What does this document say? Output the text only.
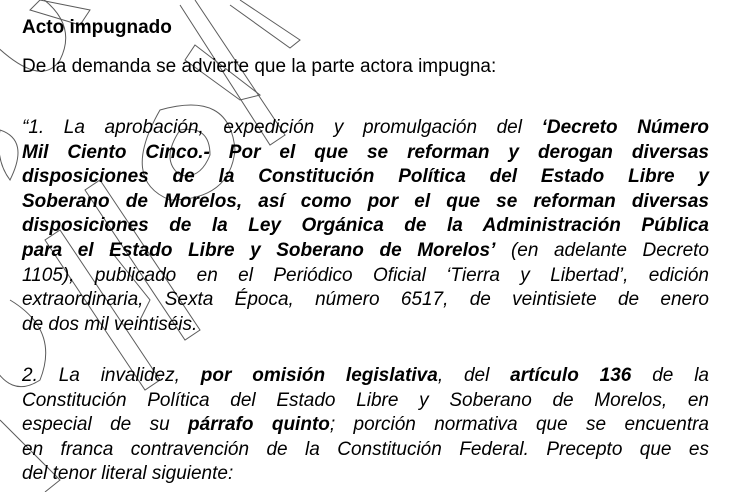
Acto impugnado
De la demanda se advierte que la parte actora impugna:
“1. La aprobación, expedición y promulgación del ‘Decreto Número
Mil Ciento Cinco.- Por el que se reforman y derogan diversas
disposiciones de la Constitución Política del Estado Libre y
Soberano de Morelos, así como por el que se reforman diversas
disposiciones de la Ley Orgánica de la Administración Pública
para el Estado Libre y Soberano de Morelos’ (en adelante Decreto
1105), publicado en el Periódico Oficial ‘Tierra y Libertad’, edición
extraordinaria, Sexta Época, número 6517, de veintisiete de enero
de dos mil veintiséis.
2. La invalidez, por omisión legislativa, del artículo 136 de la
Constitución Política del Estado Libre y Soberano de Morelos, en
especial de su párrafo quinto; porción normativa que se encuentra
en franca contravención de la Constitución Federal. Precepto que es
del tenor literal siguiente:
